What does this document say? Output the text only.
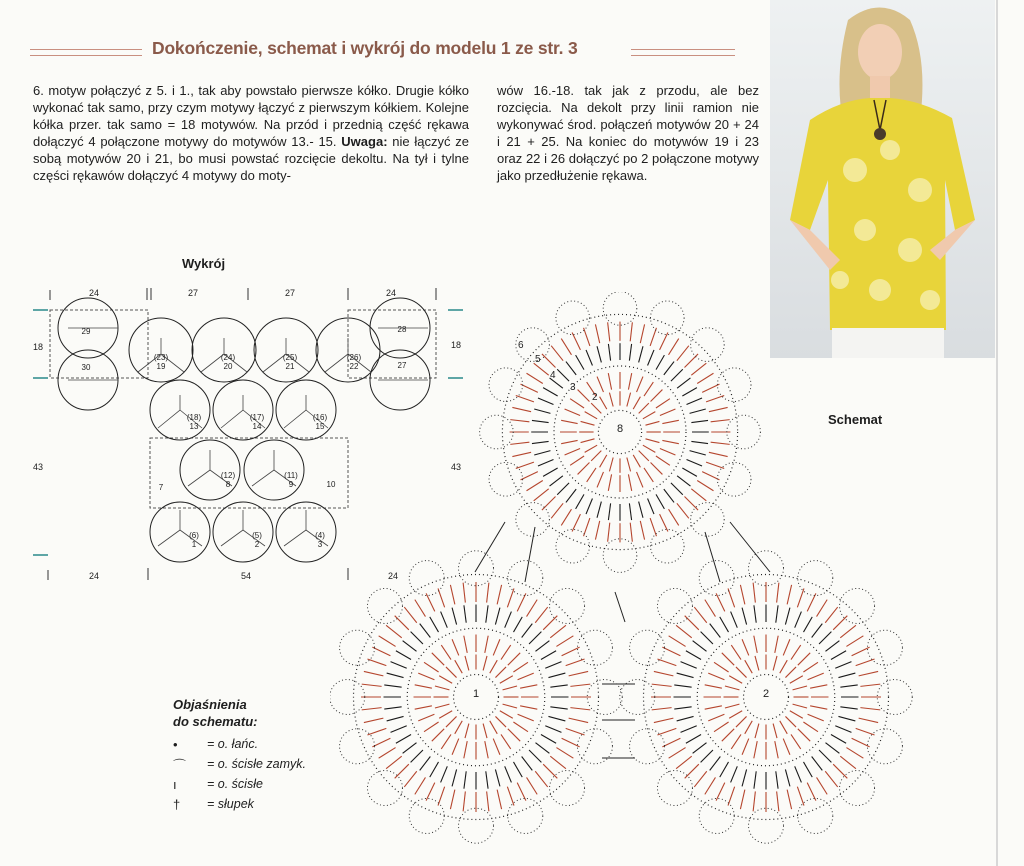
Dokończenie, schemat i wykrój do modelu 1 ze str. 3

6. motyw połączyć z 5. i 1., tak aby powstało pierwsze kółko. Drugie kółko wykonać tak samo, przy czym motywy łączyć z pierwszym kółkiem. Kolejne kółka przer. tak samo = 18 motywów. Na przód i przednią część rękawa dołączyć 4 połączone motywy do motywów 13.- 15. Uwaga: nie łączyć ze sobą motywów 20 i 21, bo musi powstać rozcięcie dekoltu. Na tył i tylne części rękawów dołączyć 4 motywy do moty-

wów 16.-18. tak jak z przodu, ale bez rozcięcia. Na dekolt przy linii ramion nie wykonywać środ. połączeń motywów 20 + 24 i 21 + 25. Na koniec do motywów 19 i 23 oraz 22 i 26 dołączyć po 2 połączone motywy jako przedłużenie rękawa.

Wykrój
Schemat
24	27	27	24
24	54	24
18	18
43	43
29
30
28
27
(23)
19
(24)
20
(25)
21
(26)
22
(18)
13
(17)
14
(16)
15
(12)
8
(11)
9
7	10
(6)
1
(5)
2
(4)
3
8
1	2
6
5
4
3
2
Objaśnienia
do schematu:
•	= o. łańc.
⌒	= o. ścisłe zamyk.
ı	= o. ścisłe
†	= słupek
